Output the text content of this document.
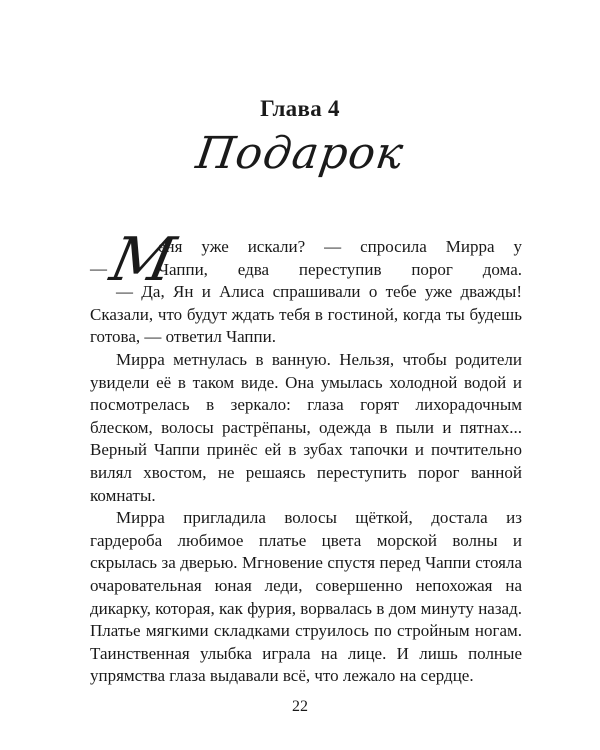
Глава 4
Подарок
—
М
еня уже искали? — спросила Мирра у
Чаппи, едва переступив порог дома.

— Да, Ян и Алиса спрашивали о тебе уже дважды! Сказали, что будут ждать тебя в гостиной, когда ты будешь готова, — ответил Чаппи.

Мирра метнулась в ванную. Нельзя, чтобы родители увидели её в таком виде. Она умылась холодной водой и посмотрелась в зеркало: глаза горят лихорадочным блеском, волосы растрёпаны, одежда в пыли и пятнах... Верный Чаппи принёс ей в зубах тапочки и почтительно вилял хвостом, не решаясь переступить порог ванной комнаты.

Мирра пригладила волосы щёткой, достала из гардероба любимое платье цвета морской волны и скрылась за дверью. Мгновение спустя перед Чаппи стояла очаровательная юная леди, совершенно непохожая на дикарку, которая, как фурия, ворвалась в дом минуту назад. Платье мягкими складками струилось по стройным ногам. Таинственная улыбка играла на лице. И лишь полные упрямства глаза выдавали всё, что лежало на сердце.

22
